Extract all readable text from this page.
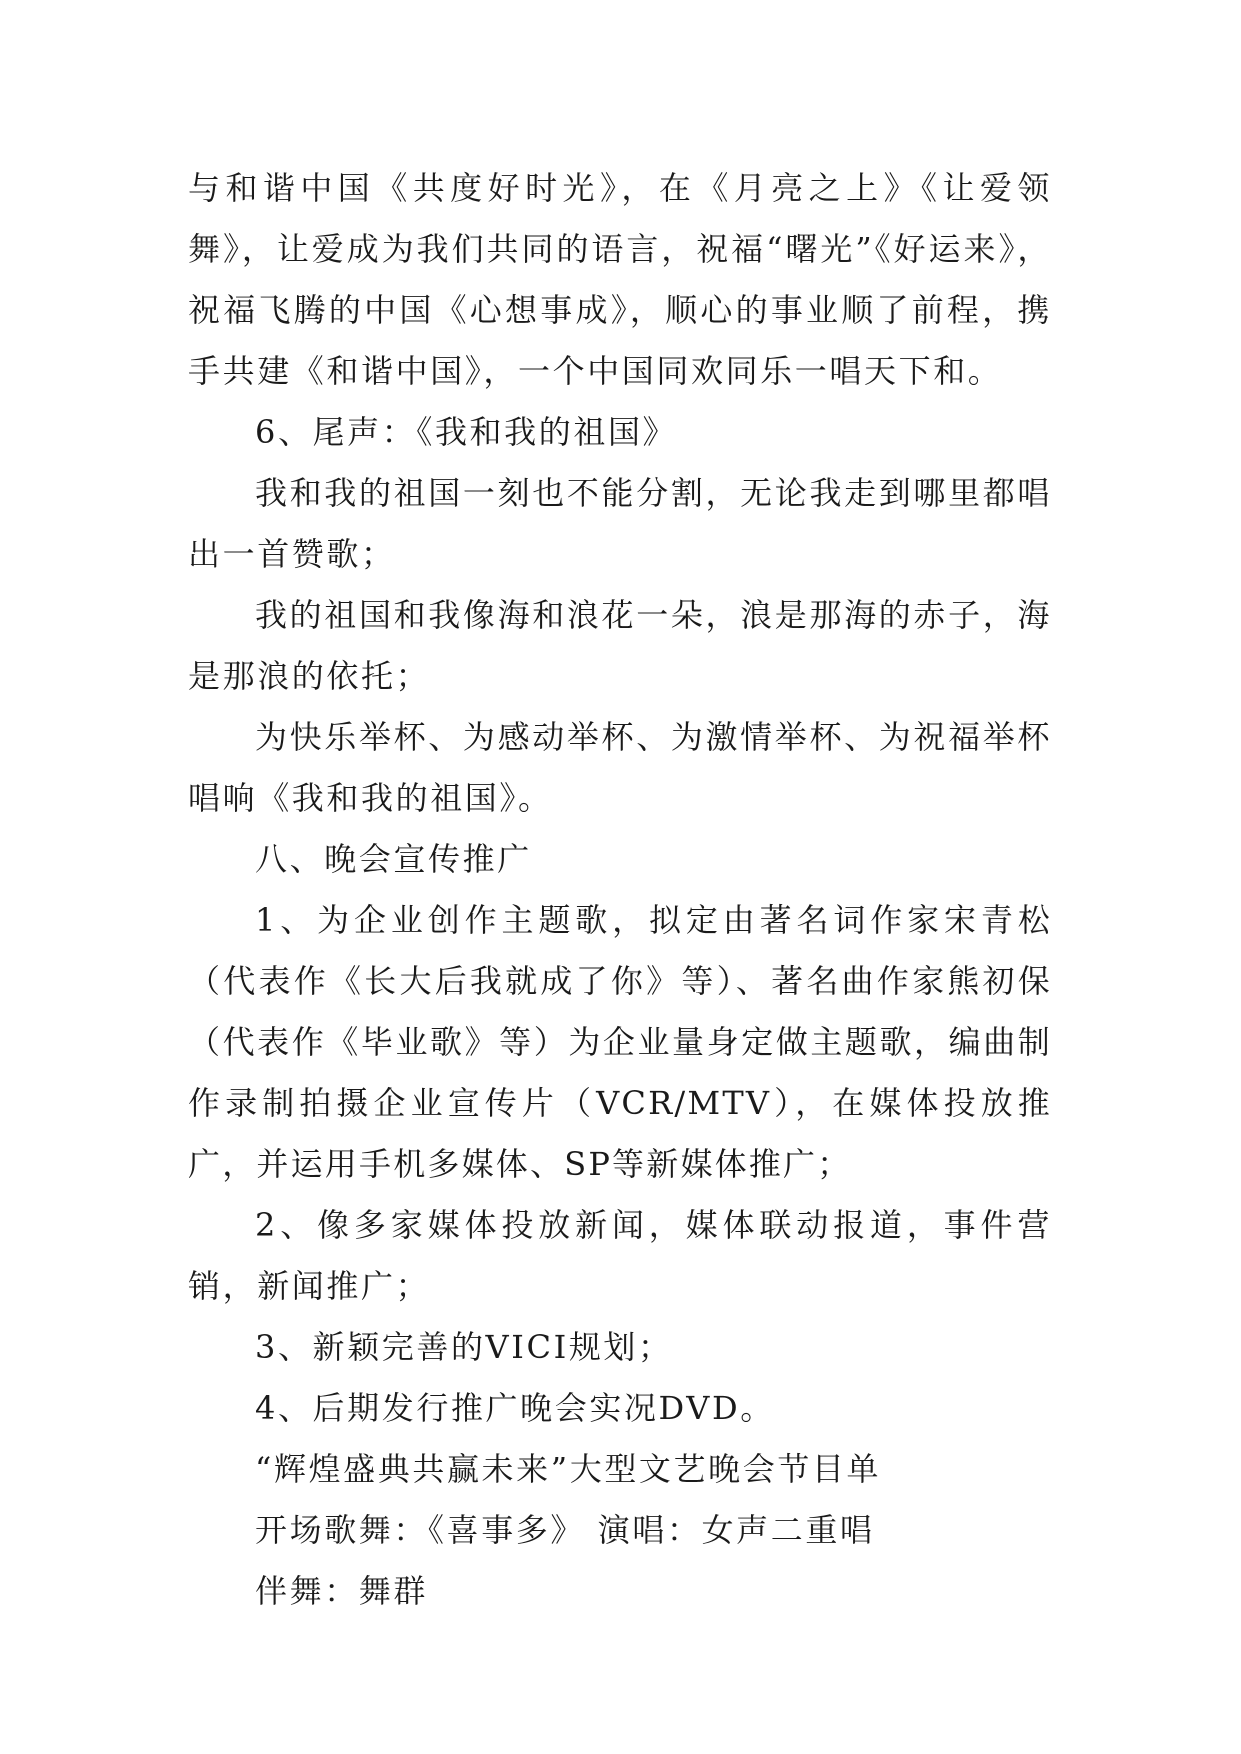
与和谐中国《共度好时光》，在《月亮之上》《让爱领舞》，让爱成为我们共同的语言，祝福“曙光”《好运来》，祝福飞腾的中国《心想事成》，顺心的事业顺了前程，携手共建《和谐中国》，一个中国同欢同乐一唱天下和。

6、尾声：《我和我的祖国》

我和我的祖国一刻也不能分割，无论我走到哪里都唱出一首赞歌；

我的祖国和我像海和浪花一朵，浪是那海的赤子，海是那浪的依托；

为快乐举杯、为感动举杯、为激情举杯、为祝福举杯唱响《我和我的祖国》。

八、晚会宣传推广

1、为企业创作主题歌，拟定由著名词作家宋青松（代表作《长大后我就成了你》等）、著名曲作家熊初保（代表作《毕业歌》等）为企业量身定做主题歌，编曲制作录制拍摄企业宣传片（VCR/MTV），在媒体投放推广，并运用手机多媒体、SP等新媒体推广；

2、像多家媒体投放新闻，媒体联动报道，事件营销，新闻推广；

3、新颖完善的VICI规划；

4、后期发行推广晚会实况DVD。

“辉煌盛典共赢未来”大型文艺晚会节目单

开场歌舞：《喜事多》 演唱：女声二重唱

伴舞：舞群
